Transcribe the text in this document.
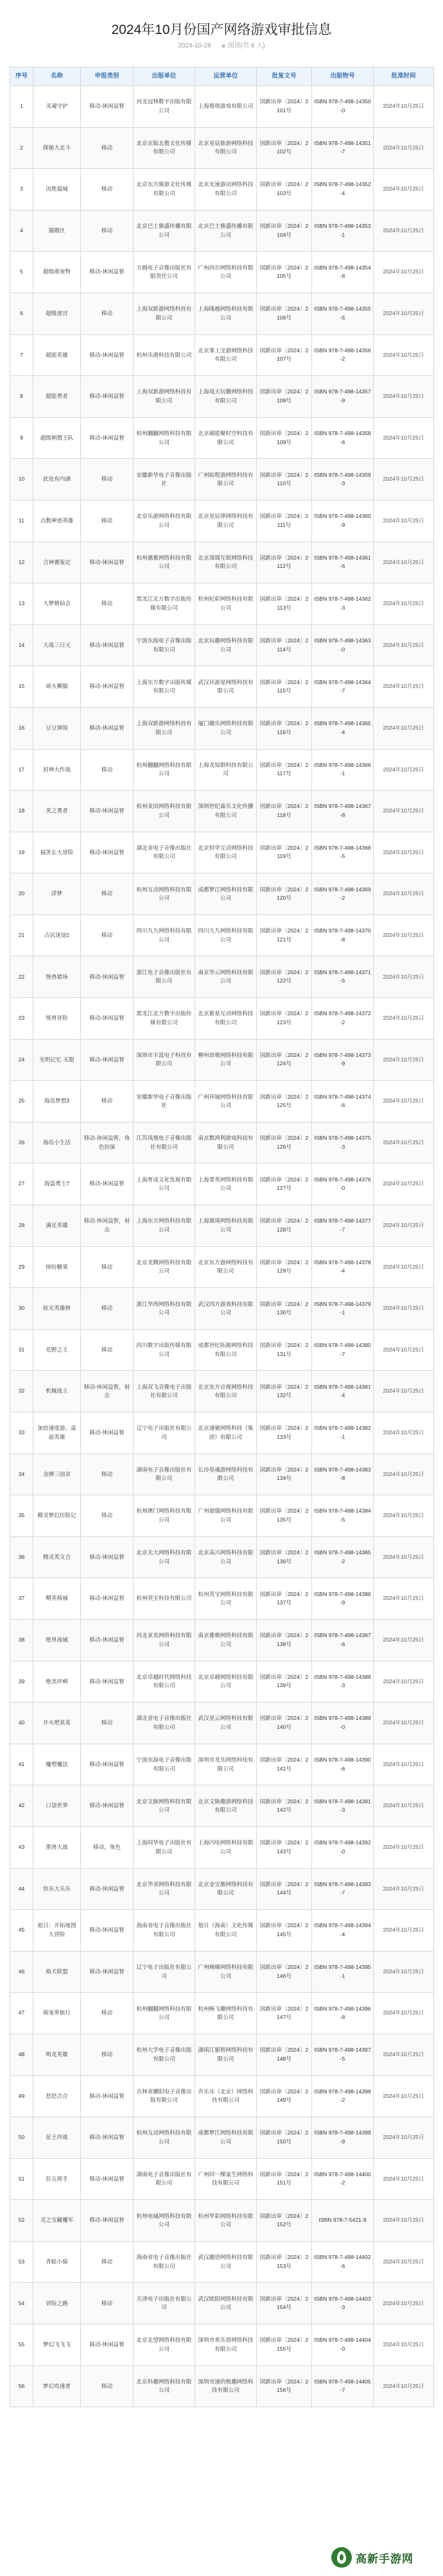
2024年10月份国产网络游戏审批信息
2024-10-28 ◉ 阅读(共 6 人)
序号	名称	申报类别	出版单位	运营单位	批复文号	出版物号	批准时间
1	灵魂守护	移动-休闲益智	河北冠林数字出版有限公司	上海俊琪游戏有限公司	国新出审〔2024〕2101号	ISBN 978-7-498-14350-0	2024年10月25日
2	探秘大北斗	移动	北京京版北教文化传媒有限公司	北京星辰旅游网络科技有限公司	国新出审〔2024〕2102号	ISBN 978-7-498-14351-7	2024年10月25日
3	决胜温城	移动	北京东方骏游文化传媒有限公司	北京光速游动网络科技有限公司	国新出审〔2024〕2103号	ISBN 978-7-498-14352-4	2024年10月25日
4	猫散区	移动	北京巴士鼎盛传播有限公司	北京巴士鼎盛传播有限公司	国新出审〔2024〕2104号	ISBN 978-7-498-14353-1	2024年10月25日
5	超级萌宠物	移动-休闲益智	方圆电子音像出版社有限责任公司	广州尚尔网络科技有限公司	国新出审〔2024〕2105号	ISBN 978-7-498-14354-8	2024年10月25日
6	超级迷宫	移动	上海双新游网络科技有限公司	上海隆越网络科技有限公司	国新出审〔2024〕2106号	ISBN 978-7-498-14355-5	2024年10月25日
7	超能英雄	移动-休闲益智	杭州乐港科技有限公司	北京掌上宝游网络科技有限公司	国新出审〔2024〕2107号	ISBN 978-7-498-14356-2	2024年10月25日
8	超能勇者	移动-休闲益智	上海双新游网络科技有限公司	上海戏天玩趣网络科技有限公司	国新出审〔2024〕2108号	ISBN 978-7-498-14357-9	2024年10月25日
9	超级刺猬王队	移动-休闲益智	杭州翻翻网络科技有限公司	北京磁能聚时空科技有限公司	国新出审〔2024〕2109号	ISBN 978-7-498-14358-6	2024年10月25日
10	此处有内涵	移动	安徽新华电子音像出版社	广州皖程游网络科技有限公司	国新出审〔2024〕2110号	ISBN 978-7-498-14359-3	2024年10月25日
11	点数神迹英雄	移动	北京乐游网络科技有限公司	北京星辰律网络科技有限公司	国新出审〔2024〕2111号	ISBN 978-7-498-14360-9	2024年10月25日
12	合神赛鉴定	移动-休闲益智	杭州惠雅网络科技有限公司	北京深瑞互娱网络科技有限公司	国新出审〔2024〕2112号	ISBN 978-7-498-14361-6	2024年10月25日
13	大梦桃仙会	移动	黑龙江北方数字出版传媒有限公司	杭州杞彩网络科技有限公司	国新出审〔2024〕2113号	ISBN 978-7-498-14362-3	2024年10月25日
14	大战三日元	移动-休闲益智	宁波东海电子音像出版有限公司	北京玩趣网络科技有限公司	国新出审〔2024〕2114号	ISBN 978-7-498-14363-0	2024年10月25日
15	顽火狮猫	移动-休闲益智	上海东方数字出版传媒有限公司	武汉环游星网络科技有限公司	国新出审〔2024〕2115号	ISBN 978-7-498-14364-7	2024年10月25日
16	豆豆弹锐	移动-休闲益智	上海双新游网络科技有限公司	厦门趣乐网络科技有限公司	国新出审〔2024〕2116号	ISBN 978-7-498-14365-4	2024年10月25日
17	封神大作战	移动	杭州翻翻网络科技有限公司	上海龙知群科技有限公司	国新出审〔2024〕2117号	ISBN 978-7-498-14366-1	2024年10月25日
18	英之勇者	移动-休闲益智	杭州麦田网络科技有限公司	深圳世纪森乐文化传播有限公司	国新出审〔2024〕2118号	ISBN 978-7-498-14367-8	2024年10月25日
19	搞笑长大冒险	移动-休闲益智	湖北省电子音像出版社有限公司	北京恒华互动网络科技有限公司	国新出审〔2024〕2119号	ISBN 978-7-498-14368-5	2024年10月25日
20	浮梦	移动	杭州互动网络科技有限公司	成都梦江网络科技有限公司	国新出审〔2024〕2120号	ISBN 978-7-498-14369-2	2024年10月25日
21	古民迷途2	移动	四川九九网络科技有限公司	四川九九网络科技有限公司	国新出审〔2024〕2121号	ISBN 978-7-498-14370-8	2024年10月25日
22	怪兽猎场	移动-休闲益智	浙江电子音像出版社有限公司	南京华云网络科技有限公司	国新出审〔2024〕2122号	ISBN 978-7-498-14371-5	2024年10月25日
23	怪兽冒险	移动-休闲益智	黑龙江北方数字出版传媒有限公司	北京新星互动网络科技有限公司	国新出审〔2024〕2123号	ISBN 978-7-498-14372-2	2024年10月25日
24	光明记忆·无限	移动-休闲益智	深圳市丰富电子科技有限公司	柳州昂极网络科技有限公司	国新出审〔2024〕2124号	ISBN 978-7-498-14373-9	2024年10月25日
25	海岛梦想3	移动	安徽新华电子音像出版社	广州环城网络科技有限公司	国新出审〔2024〕2125号	ISBN 978-7-498-14374-6	2024年10月25日
26	海岛小生活	移动-休闲益智，角色扮演	江苏凤凰电子音像出版社有限公司	南京数鸿利游戏科技有限公司	国新出审〔2024〕2126号	ISBN 978-7-498-14375-3	2024年10月25日
27	海盗勇士7	移动-休闲益智	上海育成文化发展有限公司	上海菁英网络科技有限公司	国新出审〔2024〕2127号	ISBN 978-7-498-14376-0	2024年10月25日
28	满足英雄	移动-休闲益智，射击	上海东方网络科技有限公司	上海鼎琦网络科技有限公司	国新出审〔2024〕2128号	ISBN 978-7-498-14377-7	2024年10月25日
29	缤纷糖果	移动	北京龙腾网络科技有限公司	北京东方游网络科技有限公司	国新出审〔2024〕2129号	ISBN 978-7-498-14378-4	2024年10月25日
30	炫光英雄榜	移动	浙江华西网络科技有限公司	武汉四方游戏科技有限公司	国新出审〔2024〕2130号	ISBN 978-7-498-14379-1	2024年10月25日
31	荒野之王	移动	四川数字出版传媒有限公司	成都世纪拓源网络科技有限公司	国新出审〔2024〕2131号	ISBN 978-7-498-14380-7	2024年10月25日
32	机械战王	移动-休闲益智，射击	上海双飞音像电子出版社有限公司	北京东方京视网络科技有限公司	国新出审〔2024〕2132号	ISBN 978-7-498-14381-4	2024年10月25日
33	加倍速度游，桌面英雄	移动-休闲益智	辽宁电子出版社有限公司	北京速驰网络科技（集团）有限公司	国新出审〔2024〕2133号	ISBN 978-7-498-14382-1	2024年10月25日
34	金牌三国录	移动	湖南电子音像出版社有限公司	长沙星魂游网络科技有限公司	国新出审〔2024〕2134号	ISBN 978-7-498-14383-8	2024年10月25日
35	精灵梦幻历险记	移动	杭州澳门网络科技有限公司	广州超强网络科技有限公司	国新出审〔2024〕2135号	ISBN 978-7-498-14384-5	2024年10月25日
36	精灵英文合	移动-休闲益智	北京光大网络科技有限公司	北京高兴网络科技有限公司	国新出审〔2024〕2136号	ISBN 978-7-498-14385-2	2024年10月25日
37	精英萌城	移动-休闲益智	杭州英宝科技有限公司	杭州英宝网络科技有限公司	国新出审〔2024〕2137号	ISBN 978-7-498-14386-9	2024年10月25日
38	绝界战城	移动-休闲益智	河北亚美网络科技有限公司	南京雅极网络科技有限公司	国新出审〔2024〕2138号	ISBN 978-7-498-14387-6	2024年10月25日
39	绝美冲刺	移动-休闲益智	北京卓越时代网络科技有限公司	北京卓越网络科技有限公司	国新出审〔2024〕2139号	ISBN 978-7-498-14388-3	2024年10月25日
40	开火吧莫莫	移动	湖北省电子音像出版社有限公司	武汉星云网络科技有限公司	国新出审〔2024〕2140号	ISBN 978-7-498-14389-0	2024年10月25日
41	魔塑魔法	移动-休闲益智	宁波东海电子音像出版有限公司	深圳市龙乐网络科技有限公司	国新出审〔2024〕2141号	ISBN 978-7-498-14390-6	2024年10月25日
42	口袋世界	移动-休闲益智	北京文脉网络科技有限公司	北京文脉趣游网络科技有限公司	国新出审〔2024〕2142号	ISBN 978-7-498-14391-3	2024年10月25日
43	那兽大战	移动，角色	上海同华电子出版社有限公司	上海闪电网络科技有限公司	国新出审〔2024〕2143号	ISBN 978-7-498-14392-0	2024年10月25日
44	快乐大乐乐	移动-休闲益智	北京华录网络科技有限公司	北京金宝鼎网络科技有限公司	国新出审〔2024〕2144号	ISBN 978-7-498-14393-7	2024年10月25日
45	旭日：开拓地图大冒险	移动-休闲益智	海南省电子音像出版社有限公司	旭日（海南）文化传媒有限公司	国新出审〔2024〕2145号	ISBN 978-7-498-14394-4	2024年10月25日
46	萌犬联盟	移动-休闲益智	辽宁电子出版社有限公司	广州梯梯网络科技有限公司	国新出审〔2024〕2146号	ISBN 978-7-498-14395-1	2024年10月25日
47	萌宠界旅行	移动	杭州翻翻网络科技有限公司	杭州畅飞趣网络科技有限公司	国新出审〔2024〕2147号	ISBN 978-7-498-14396-8	2024年10月25日
48	明龙英雄	移动	杭州大学电子音像出版有限公司	湖南江服智网络科技有限公司	国新出审〔2024〕2148号	ISBN 978-7-498-14397-5	2024年10月25日
49	怒怒合合	移动-休闲益智	吉林省耀阳电子音像出版有限公司	乔乐乐（北京）网络科技有限公司	国新出审〔2024〕2149号	ISBN 978-7-498-14398-2	2024年10月25日
50	征王冲战	移动-休闲益智	杭州互动网络科技有限公司	成都梦江网络科技有限公司	国新出审〔2024〕2150号	ISBN 978-7-498-14399-9	2024年10月25日
51	拉五将手	移动-休闲益智	湖南电子音像出版社有限公司	广州同一棵家生网络科技有限公司	国新出审〔2024〕2151号	ISBN 978-7-498-14400-2	2024年10月25日
52	灵之宝藏魔军	移动-休闲益智	杭州电城网络科技有限公司	杭州华彩网络科技有限公司	国新出审〔2024〕2152号	ISBN 978-7-5421-9	2024年10月25日
53	青蛙小骑	移动	海南省电子音像出版社有限公司	武汉趣语网络科技有限公司	国新出审〔2024〕2153号	ISBN 978-7-498-14402-6	2024年10月25日
54	冒险之路	移动	天津电子出版社有限公司	武汉欧阳网络科技有限公司	国新出审〔2024〕2154号	ISBN 978-7-498-14403-3	2024年10月25日
55	梦幻飞飞飞	移动-休闲益智	北京北望网络科技有限公司	深圳市欢乐语网络科技有限公司	国新出审〔2024〕2155号	ISBN 978-7-498-14404-0	2024年10月25日
56	梦幻攻速者	移动	北京科趣网络科技有限公司	深圳市速的极趣网络科技有限公司	国新出审〔2024〕2156号	ISBN 978-7-498-14405-7	2024年10月25日
高新手游网
